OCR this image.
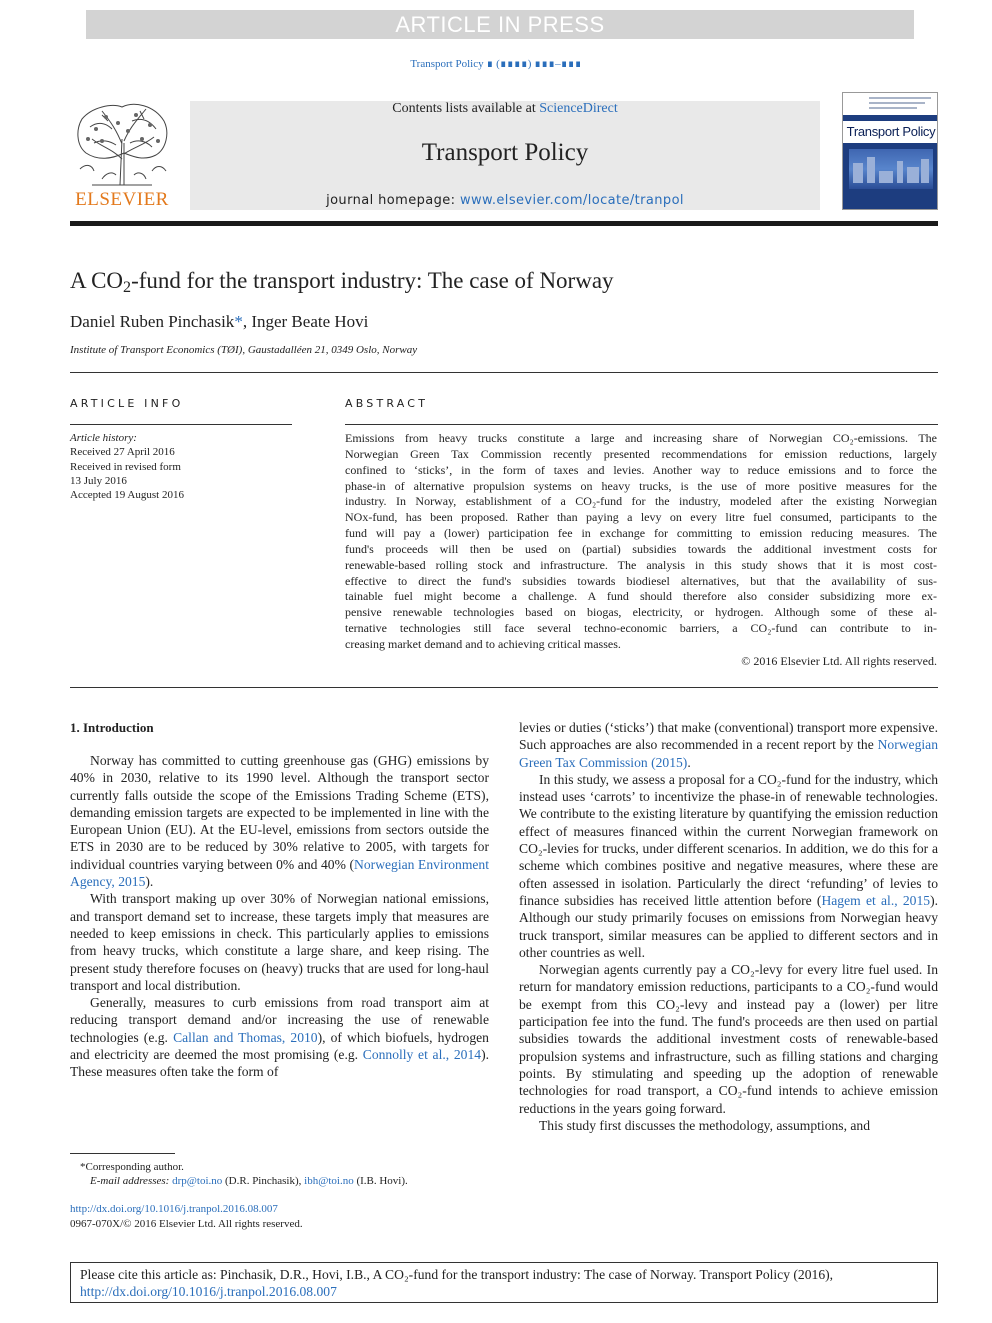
ARTICLE IN PRESS
Transport Policy ∎ (∎∎∎∎) ∎∎∎–∎∎∎
ELSEVIER
Contents lists available at ScienceDirect
Transport Policy
journal homepage: www.elsevier.com/locate/tranpol
Transport Policy
A $CO_2$-fund for the transport industry: The case of Norway
Daniel Ruben Pinchasik*, Inger Beate Hovi
Institute of Transport Economics (TØI), Gaustadalléen 21, 0349 Oslo, Norway
ARTICLE INFO
Article history:
Received 27 April 2016
Received in revised form
13 July 2016
Accepted 19 August 2016
ABSTRACT
Emissions from heavy trucks constitute a large and increasing share of Norwegian CO₂-emissions. The
Norwegian Green Tax Commission recently presented recommendations for emission reductions, largely
confined to ‘sticks’, in the form of taxes and levies. Another way to reduce emissions and to force the
phase-in of alternative propulsion systems on heavy trucks, is the use of more positive measures for the
industry. In Norway, establishment of a CO₂-fund for the industry, modeled after the existing Norwegian
NOx-fund, has been proposed. Rather than paying a levy on every litre fuel consumed, participants to the
fund will pay a (lower) participation fee in exchange for committing to emission reducing measures. The
fund's proceeds will then be used on (partial) subsidies towards the additional investment costs for
renewable-based rolling stock and infrastructure. The analysis in this study shows that it is most cost-
effective to direct the fund's subsidies towards biodiesel alternatives, but that the availability of sus-
tainable fuel might become a challenge. A fund should therefore also consider subsidizing more ex-
pensive renewable technologies based on biogas, electricity, or hydrogen. Although some of these al-
ternative technologies still face several techno-economic barriers, a CO₂-fund can contribute to in-
creasing market demand and to achieving critical masses.
© 2016 Elsevier Ltd. All rights reserved.
1. Introduction

Norway has committed to cutting greenhouse gas (GHG) emissions by 40% in 2030, relative to its 1990 level. Although the transport sector currently falls outside the scope of the Emissions Trading Scheme (ETS), demanding emission targets are expected to be implemented in line with the European Union (EU). At the EU-level, emissions from sectors outside the ETS in 2030 are to be reduced by 30% relative to 2005, with targets for individual countries varying between 0% and 40% (Norwegian Environment Agency, 2015).

With transport making up over 30% of Norwegian national emissions, and transport demand set to increase, these targets imply that measures are needed to keep emissions in check. This particularly applies to emissions from heavy trucks, which constitute a large share, and keep rising. The present study therefore focuses on (heavy) trucks that are used for long-haul transport and local distribution.

Generally, measures to curb emissions from road transport aim at reducing transport demand and/or increasing the use of renewable technologies (e.g. Callan and Thomas, 2010), of which biofuels, hydrogen and electricity are deemed the most promising (e.g. Connolly et al., 2014). These measures often take the form of

levies or duties (‘sticks’) that make (conventional) transport more expensive. Such approaches are also recommended in a recent report by the Norwegian Green Tax Commission (2015).

In this study, we assess a proposal for a CO₂-fund for the industry, which instead uses ‘carrots’ to incentivize the phase-in of renewable technologies. We contribute to the existing literature by quantifying the emission reduction effect of measures financed within the current Norwegian framework on CO₂-levies for trucks, under different scenarios. In addition, we do this for a scheme which combines positive and negative measures, where these are often assessed in isolation. Particularly the direct ‘refunding’ of levies to finance subsidies has received little attention before (Hagem et al., 2015). Although our study primarily focuses on emissions from Norwegian heavy truck transport, similar measures can be applied to different sectors and in other countries as well.

Norwegian agents currently pay a CO₂-levy for every litre fuel used. In return for mandatory emission reductions, participants to a CO₂-fund would be exempt from this CO₂-levy and instead pay a (lower) per litre participation fee into the fund. The fund's proceeds are then used on partial subsidies towards the additional investment costs of renewable-based propulsion systems and infrastructure, such as filling stations and charging points. By stimulating and speeding up the adoption of renewable technologies for road transport, a CO₂-fund intends to achieve emission reductions in the years going forward.

This study first discusses the methodology, assumptions, and

*Corresponding author.
E-mail addresses: drp@toi.no (D.R. Pinchasik), ibh@toi.no (I.B. Hovi).
http://dx.doi.org/10.1016/j.tranpol.2016.08.007
0967-070X/© 2016 Elsevier Ltd. All rights reserved.
Please cite this article as: Pinchasik, D.R., Hovi, I.B., A CO₂-fund for the transport industry: The case of Norway. Transport Policy (2016),
http://dx.doi.org/10.1016/j.tranpol.2016.08.007
